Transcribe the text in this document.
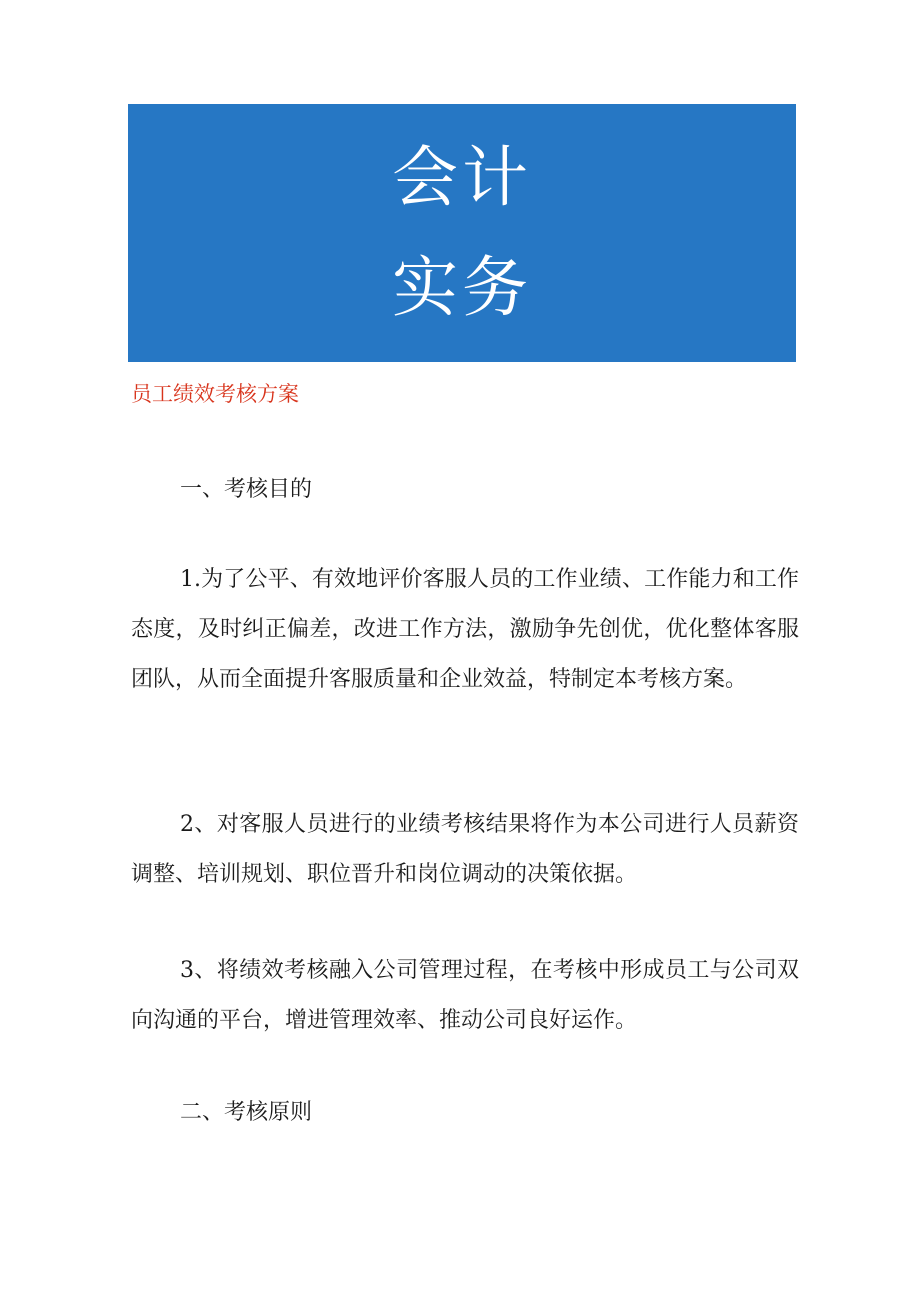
会计
实务
员工绩效考核方案
一、考核目的
1.为了公平、有效地评价客服人员的工作业绩、工作能力和工作态度，及时纠正偏差，改进工作方法，激励争先创优，优化整体客服团队，从而全面提升客服质量和企业效益，特制定本考核方案。
2、对客服人员进行的业绩考核结果将作为本公司进行人员薪资调整、培训规划、职位晋升和岗位调动的决策依据。
3、将绩效考核融入公司管理过程，在考核中形成员工与公司双向沟通的平台，增进管理效率、推动公司良好运作。
二、考核原则
